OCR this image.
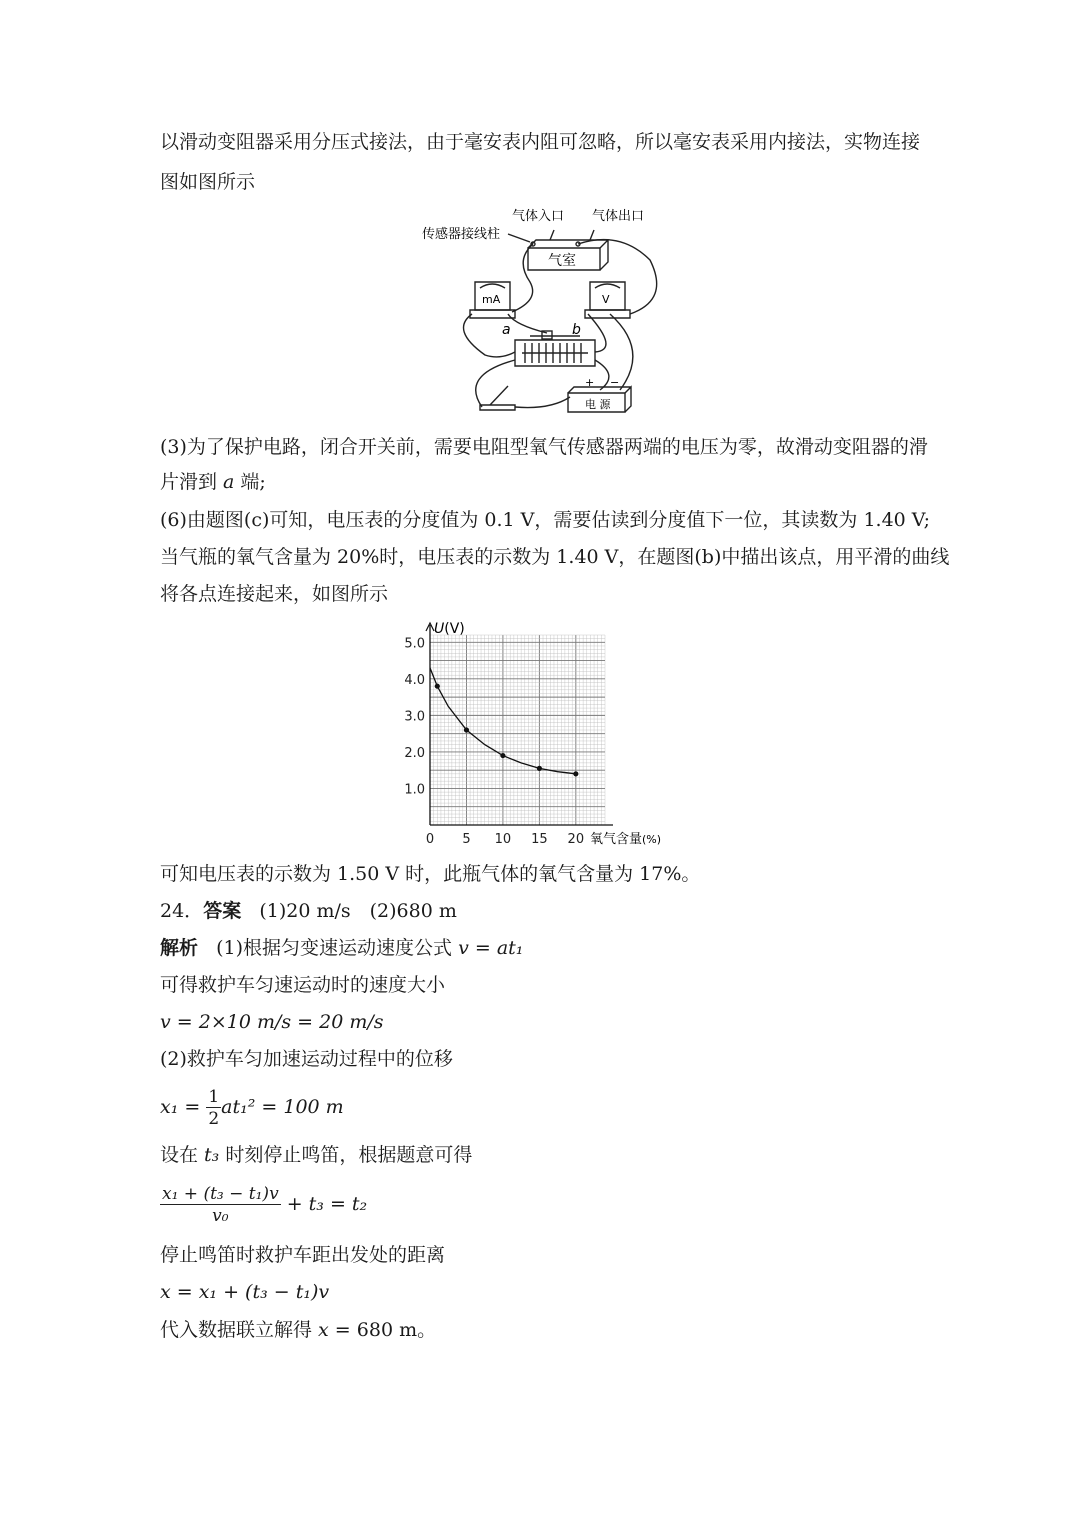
以滑动变阻器采用分压式接法，由于毫安表内阻可忽略，所以毫安表采用内接法，实物连接
图如图所示
气体入口 气体出口
传感器接线柱
气室
mA	V
a	b
电 源
+ −
(3)为了保护电路，闭合开关前，需要电阻型氧气传感器两端的电压为零，故滑动变阻器的滑
片滑到 a 端;
(6)由题图(c)可知，电压表的分度值为 0.1 V，需要估读到分度值下一位，其读数为 1.40 V;
当气瓶的氧气含量为 20%时，电压表的示数为 1.40 V，在题图(b)中描出该点，用平滑的曲线
将各点连接起来，如图所示
0 5 10 15 20
1.0
2.0
3.0
4.0
5.0
U(V)
氧气含量(%)
可知电压表的示数为 1.50 V 时，此瓶气体的氧气含量为 17%。
24．答案 (1)20 m/s　(2)680 m
解析 (1)根据匀变速运动速度公式 v = at₁
可得救护车匀速运动时的速度大小
v = 2×10 m/s = 20 m/s
(2)救护车匀加速运动过程中的位移
$x_1 = \frac{1}{2} at_1^2 = 100$ m
设在 t₃ 时刻停止鸣笛，根据题意可得
$\frac{\text{x₁ + (t₃ − t₁)v}}{\text{v₀}} + t_3 = t_2$
停止鸣笛时救护车距出发处的距离
x = x₁ + (t₃ − t₁)v
代入数据联立解得 x = 680 m。
